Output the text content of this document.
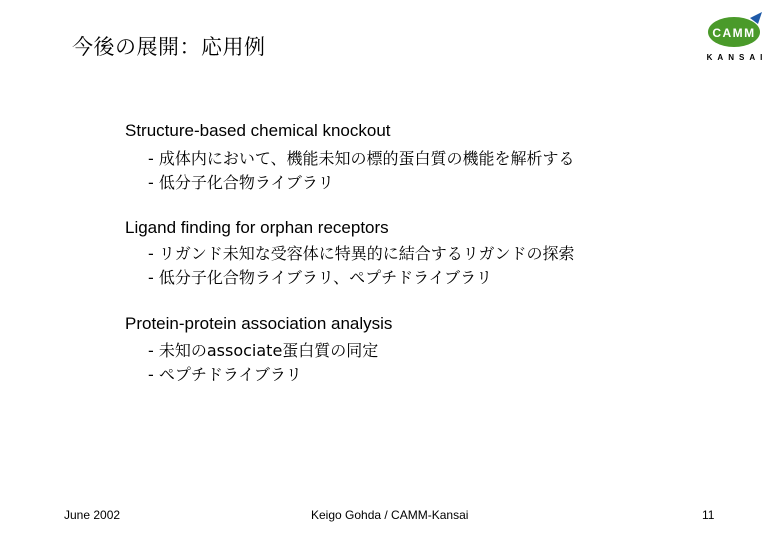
今後の展開：応用例
CAMM
KANSAI
Structure-based chemical knockout
- 成体内において、機能未知の標的蛋白質の機能を解析する
- 低分子化合物ライブラリ
Ligand finding for orphan receptors
- リガンド未知な受容体に特異的に結合するリガンドの探索
- 低分子化合物ライブラリ、ペプチドライブラリ
Protein-protein association analysis
- 未知のassociate蛋白質の同定
- ペプチドライブラリ
June 2002	Keigo Gohda / CAMM-Kansai	11
